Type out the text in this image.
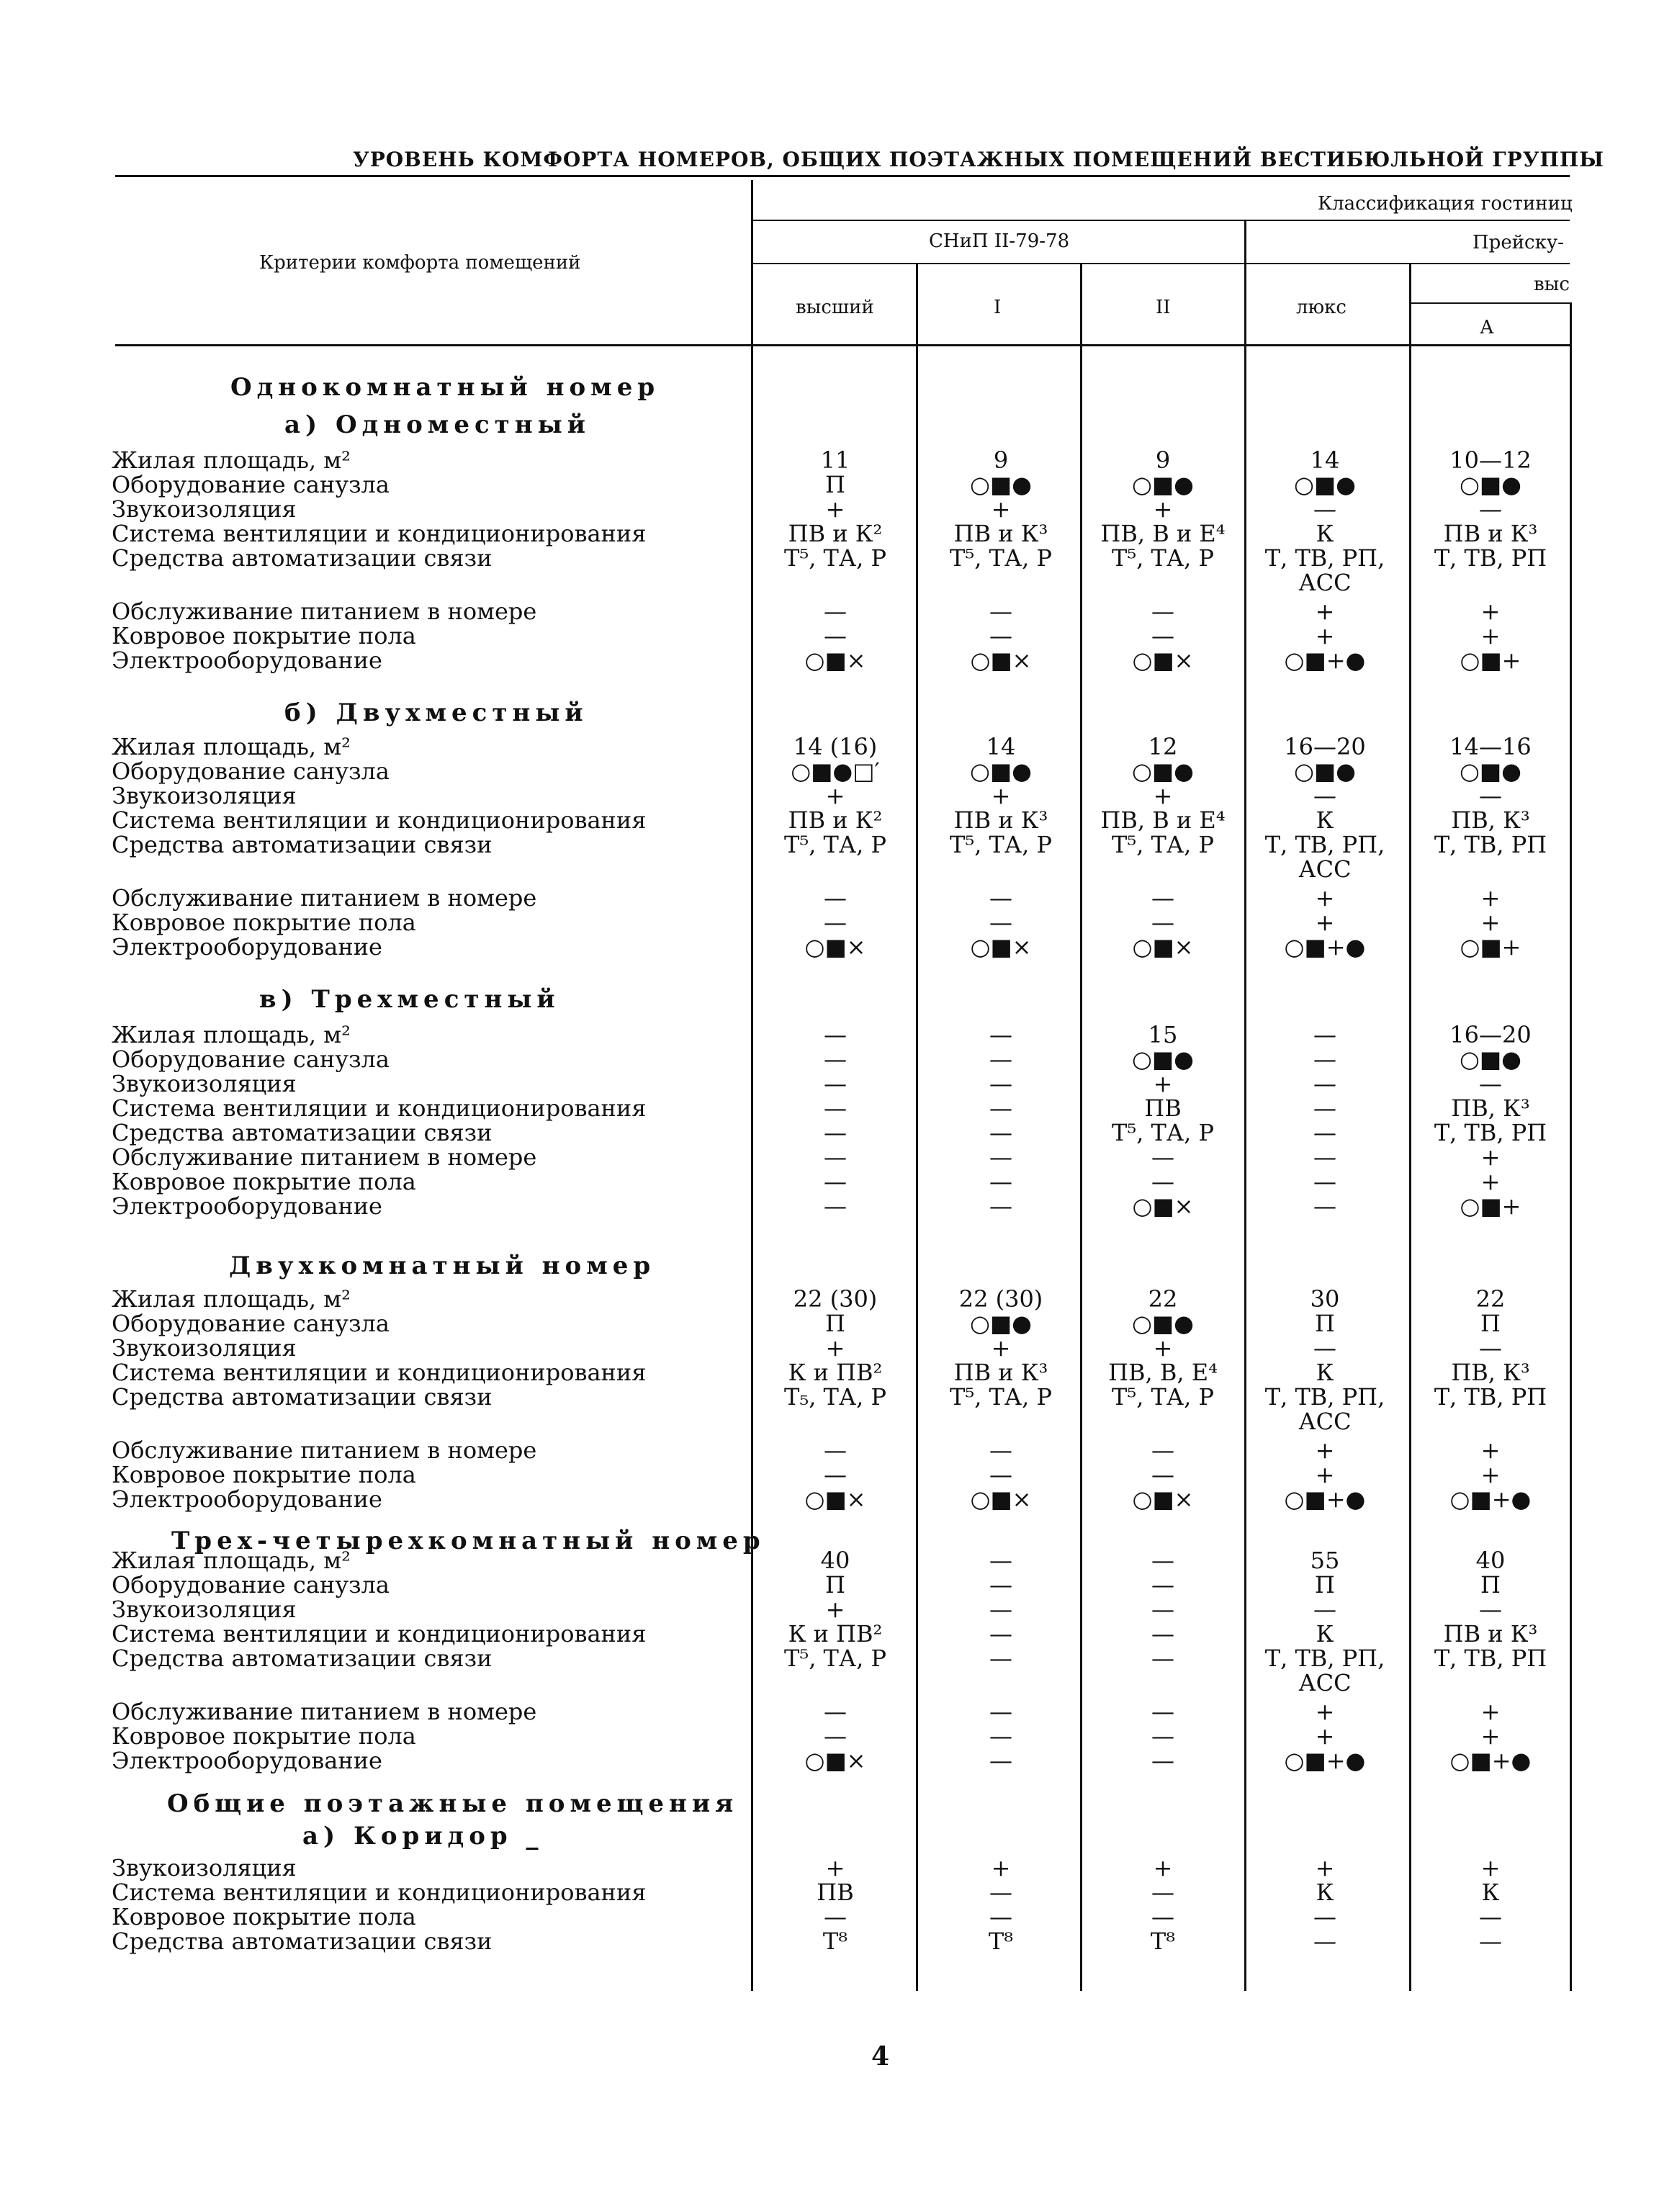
УРОВЕНЬ КОМФОРТА НОМЕРОВ, ОБЩИХ ПОЭТАЖНЫХ ПОМЕЩЕНИЙ ВЕСТИБЮЛЬНОЙ ГРУППЫ
Критерии комфорта помещений
Классификация гостиниц
СНиП II-79-78	Прейску-
выс
высший	I	II	люкс
А
Однокомнатный номер
а) Одноместный
б) Двухместный
в) Трехместный
Двухкомнатный номер
Трех-четырехкомнатный номер
Общие поэтажные помещения
а) Коридор _
Жилая площадь, м²	11	9	9	14	10—12
Оборудование санузла	П	○■●	○■●	○■●	○■●
Звукоизоляция	+	+	+	—	—
Система вентиляции и кондиционирования	ПВ и К²	ПВ и К³	ПВ, В и Е⁴	К	ПВ и К³
Средства автоматизации связи	Т⁵, ТА, Р	Т⁵, ТА, Р	Т⁵, ТА, Р	Т, ТВ, РП,	Т, ТВ, РП
АСС
Обслуживание питанием в номере	—	—	—	+	+
Ковровое покрытие пола	—	—	—	+	+
Электрооборудование	○■×	○■×	○■×	○■+●	○■+
Жилая площадь, м²	14 (16)	14	12	16—20	14—16
Оборудование санузла	○■●□′	○■●	○■●	○■●	○■●
Звукоизоляция	+	+	+	—	—
Система вентиляции и кондиционирования	ПВ и К²	ПВ и К³	ПВ, В и Е⁴	К	ПВ, К³
Средства автоматизации связи	Т⁵, ТА, Р	Т⁵, ТА, Р	Т⁵, ТА, Р	Т, ТВ, РП,	Т, ТВ, РП
АСС
Обслуживание питанием в номере	—	—	—	+	+
Ковровое покрытие пола	—	—	—	+	+
Электрооборудование	○■×	○■×	○■×	○■+●	○■+
Жилая площадь, м²	—	—	15	—	16—20
Оборудование санузла	—	—	○■●	—	○■●
Звукоизоляция	—	—	+	—	—
Система вентиляции и кондиционирования	—	—	ПВ	—	ПВ, К³
Средства автоматизации связи	—	—	Т⁵, ТА, Р	—	Т, ТВ, РП
Обслуживание питанием в номере	—	—	—	—	+
Ковровое покрытие пола	—	—	—	—	+
Электрооборудование	—	—	○■×	—	○■+
Жилая площадь, м²	22 (30)	22 (30)	22	30	22
Оборудование санузла	П	○■●	○■●	П	П
Звукоизоляция	+	+	+	—	—
Система вентиляции и кондиционирования	К и ПВ²	ПВ и К³	ПВ, В, Е⁴	К	ПВ, К³
Средства автоматизации связи	Т₅, ТА, Р	Т⁵, ТА, Р	Т⁵, ТА, Р	Т, ТВ, РП,	Т, ТВ, РП
АСС
Обслуживание питанием в номере	—	—	—	+	+
Ковровое покрытие пола	—	—	—	+	+
Электрооборудование	○■×	○■×	○■×	○■+●	○■+●
Жилая площадь, м²	40	—	—	55	40
Оборудование санузла	П	—	—	П	П
Звукоизоляция	+	—	—	—	—
Система вентиляции и кондиционирования	К и ПВ²	—	—	К	ПВ и К³
Средства автоматизации связи	Т⁵, ТА, Р	—	—	Т, ТВ, РП,	Т, ТВ, РП
АСС
Обслуживание питанием в номере	—	—	—	+	+
Ковровое покрытие пола	—	—	—	+	+
Электрооборудование	○■×	—	—	○■+●	○■+●
Звукоизоляция	+	+	+	+	+
Система вентиляции и кондиционирования	ПВ	—	—	К	К
Ковровое покрытие пола	—	—	—	—	—
Средства автоматизации связи	Т⁸	Т⁸	Т⁸	—	—
4
